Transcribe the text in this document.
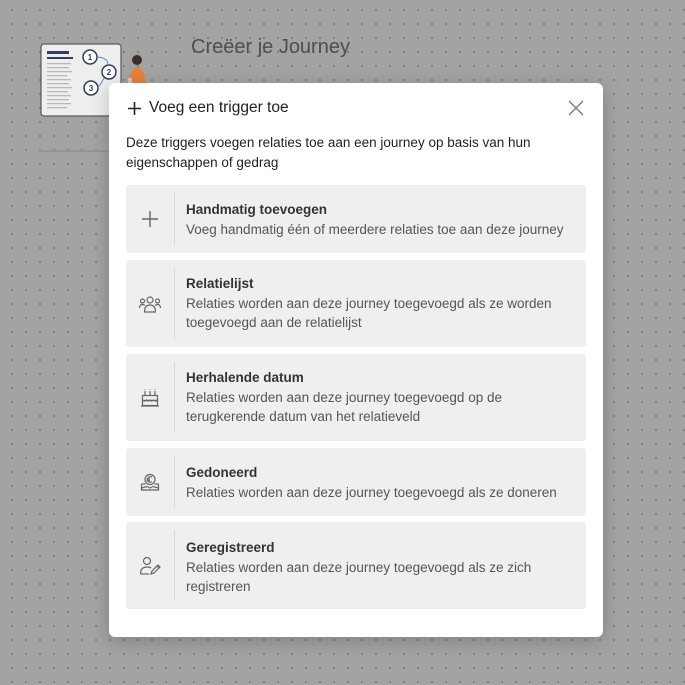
Creëer je Journey
1
2
3
Voeg een trigger toe
Deze triggers voegen relaties toe aan een journey op basis van hun eigenschappen of gedrag
Handmatig toevoegen
Voeg handmatig één of meerdere relaties toe aan deze journey
Relatielijst
Relaties worden aan deze journey toegevoegd als ze worden toegevoegd aan de relatielijst
Herhalende datum
Relaties worden aan deze journey toegevoegd op de terugkerende datum van het relatieveld
Gedoneerd
Relaties worden aan deze journey toegevoegd als ze doneren
Geregistreerd
Relaties worden aan deze journey toegevoegd als ze zich registreren
